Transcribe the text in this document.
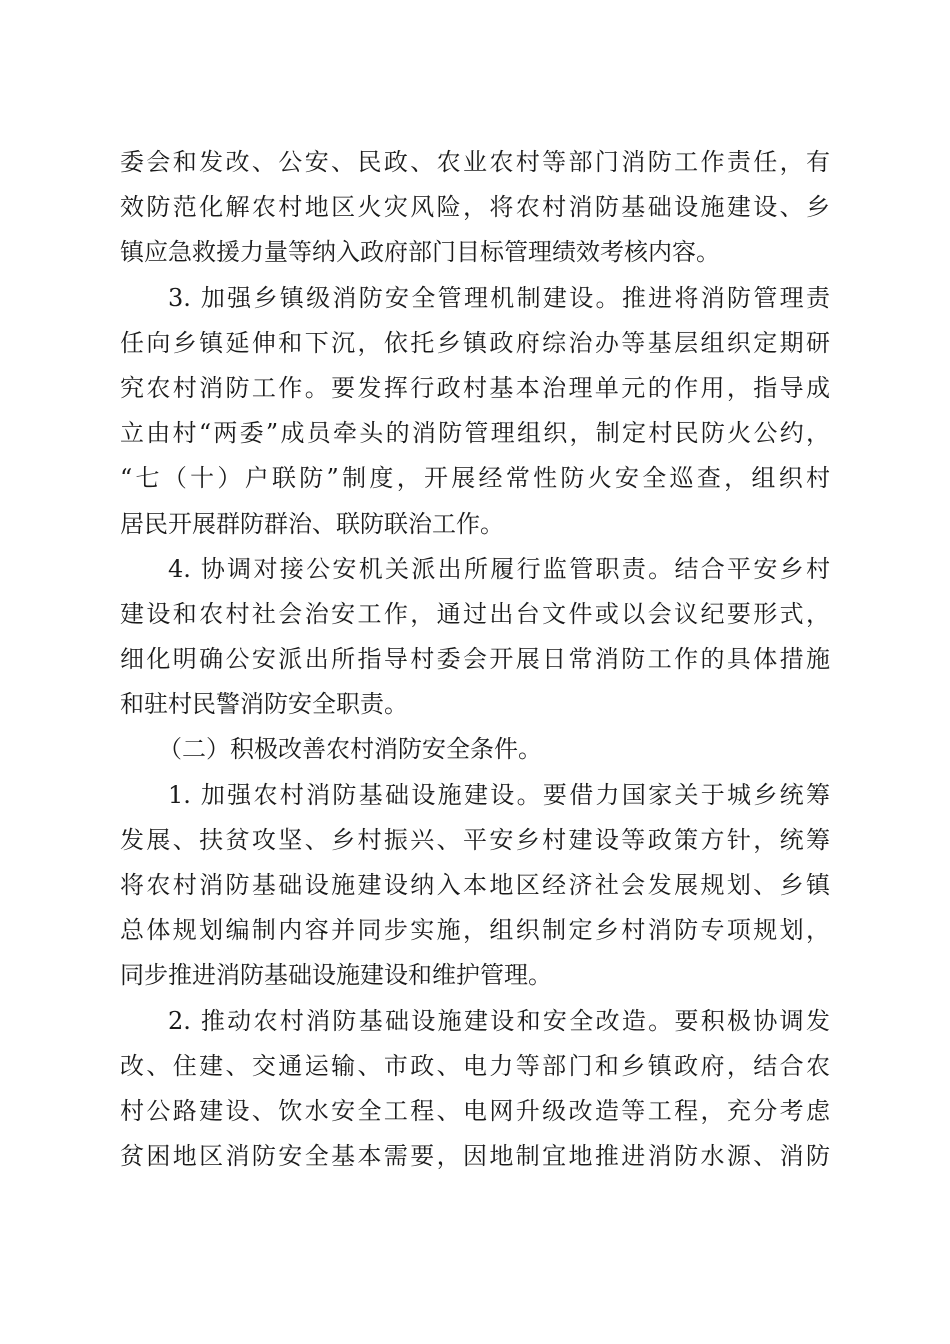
委会和发改、公安、民政、农业农村等部门消防工作责任，有
效防范化解农村地区火灾风险，将农村消防基础设施建设、乡
镇应急救援力量等纳入政府部门目标管理绩效考核内容。
3. 加强乡镇级消防安全管理机制建设。推进将消防管理责
任向乡镇延伸和下沉，依托乡镇政府综治办等基层组织定期研
究农村消防工作。要发挥行政村基本治理单元的作用，指导成
立由村“两委”成员牵头的消防管理组织，制定村民防火公约，
“七（十）户联防”制度，开展经常性防火安全巡查，组织村
居民开展群防群治、联防联治工作。
4. 协调对接公安机关派出所履行监管职责。结合平安乡村
建设和农村社会治安工作，通过出台文件或以会议纪要形式，
细化明确公安派出所指导村委会开展日常消防工作的具体措施
和驻村民警消防安全职责。
（二）积极改善农村消防安全条件。
1. 加强农村消防基础设施建设。要借力国家关于城乡统筹
发展、扶贫攻坚、乡村振兴、平安乡村建设等政策方针，统筹
将农村消防基础设施建设纳入本地区经济社会发展规划、乡镇
总体规划编制内容并同步实施，组织制定乡村消防专项规划，
同步推进消防基础设施建设和维护管理。
2. 推动农村消防基础设施建设和安全改造。要积极协调发
改、住建、交通运输、市政、电力等部门和乡镇政府，结合农
村公路建设、饮水安全工程、电网升级改造等工程，充分考虑
贫困地区消防安全基本需要，因地制宜地推进消防水源、消防
